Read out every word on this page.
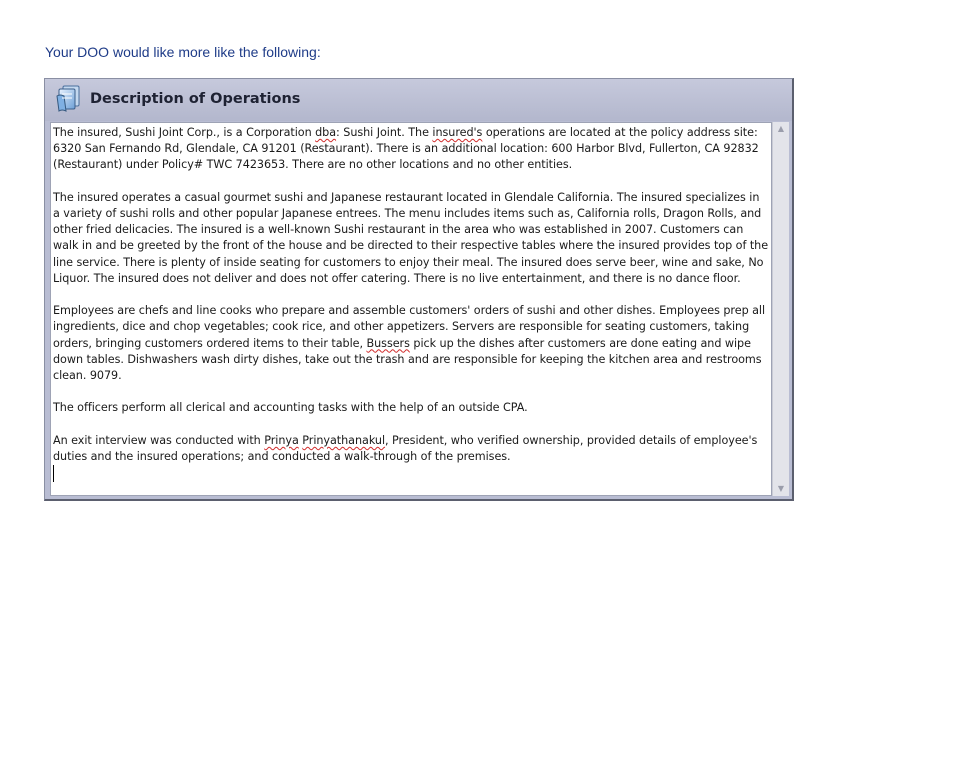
Your DOO would like more like the following:
Description of Operations

The insured, Sushi Joint Corp., is a Corporation dba: Sushi Joint. The insured's operations are located at the policy address site: 6320 San Fernando Rd, Glendale, CA 91201 (Restaurant). There is an additional location: 600 Harbor Blvd, Fullerton, CA 92832 (Restaurant) under Policy# TWC 7423653. There are no other locations and no other entities.

The insured operates a casual gourmet sushi and Japanese restaurant located in Glendale California. The insured specializes in a variety of sushi rolls and other popular Japanese entrees. The menu includes items such as, California rolls, Dragon Rolls, and other fried delicacies. The insured is a well-known Sushi restaurant in the area who was established in 2007. Customers can walk in and be greeted by the front of the house and be directed to their respective tables where the insured provides top of the line service. There is plenty of inside seating for customers to enjoy their meal. The insured does serve beer, wine and sake, No Liquor. The insured does not deliver and does not offer catering. There is no live entertainment, and there is no dance floor.

Employees are chefs and line cooks who prepare and assemble customers' orders of sushi and other dishes. Employees prep all ingredients, dice and chop vegetables; cook rice, and other appetizers. Servers are responsible for seating customers, taking orders, bringing customers ordered items to their table, Bussers pick up the dishes after customers are done eating and wipe down tables. Dishwashers wash dirty dishes, take out the trash and are responsible for keeping the kitchen area and restrooms clean. 9079.

The officers perform all clerical and accounting tasks with the help of an outside CPA.

An exit interview was conducted with Prinya Prinyathanakul, President, who verified ownership, provided details of employee's duties and the insured operations; and conducted a walk-through of the premises.

▲
▼
